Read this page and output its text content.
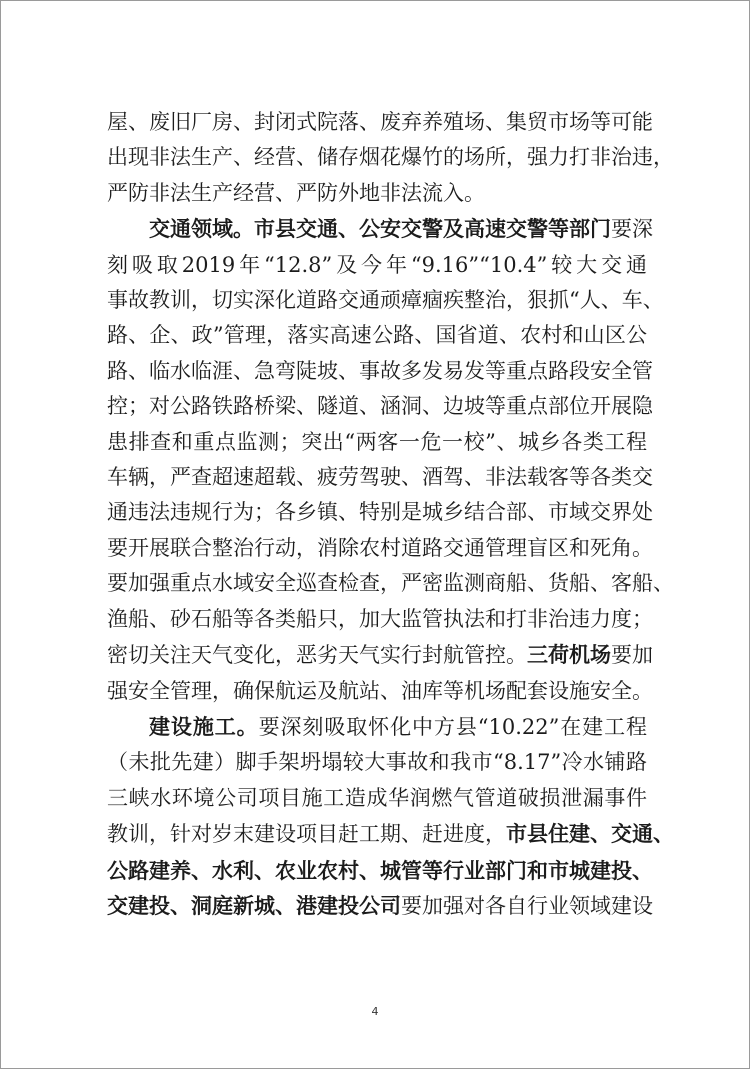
屋、废旧厂房、封闭式院落、废弃养殖场、集贸市场等可能
出现非法生产、经营、储存烟花爆竹的场所，强力打非治违，
严防非法生产经营、严防外地非法流入。
交通领域。市县交通、公安交警及高速交警等部门要深
刻吸取2019年“12.8”及今年“9.16”“10.4”较大交通
事故教训，切实深化道路交通顽瘴痼疾整治，狠抓“人、车、
路、企、政”管理，落实高速公路、国省道、农村和山区公
路、临水临涯、急弯陡坡、事故多发易发等重点路段安全管
控；对公路铁路桥梁、隧道、涵洞、边坡等重点部位开展隐
患排查和重点监测；突出“两客一危一校”、城乡各类工程
车辆，严查超速超载、疲劳驾驶、酒驾、非法载客等各类交
通违法违规行为；各乡镇、特别是城乡结合部、市域交界处
要开展联合整治行动，消除农村道路交通管理盲区和死角。
要加强重点水域安全巡查检查，严密监测商船、货船、客船、
渔船、砂石船等各类船只，加大监管执法和打非治违力度；
密切关注天气变化，恶劣天气实行封航管控。三荷机场要加
强安全管理，确保航运及航站、油库等机场配套设施安全。
建设施工。要深刻吸取怀化中方县“10.22”在建工程
（未批先建）脚手架坍塌较大事故和我市“8.17”冷水铺路
三峡水环境公司项目施工造成华润燃气管道破损泄漏事件
教训，针对岁末建设项目赶工期、赶进度，市县住建、交通、
公路建养、水利、农业农村、城管等行业部门和市城建投、
交建投、洞庭新城、港建投公司要加强对各自行业领域建设
4
